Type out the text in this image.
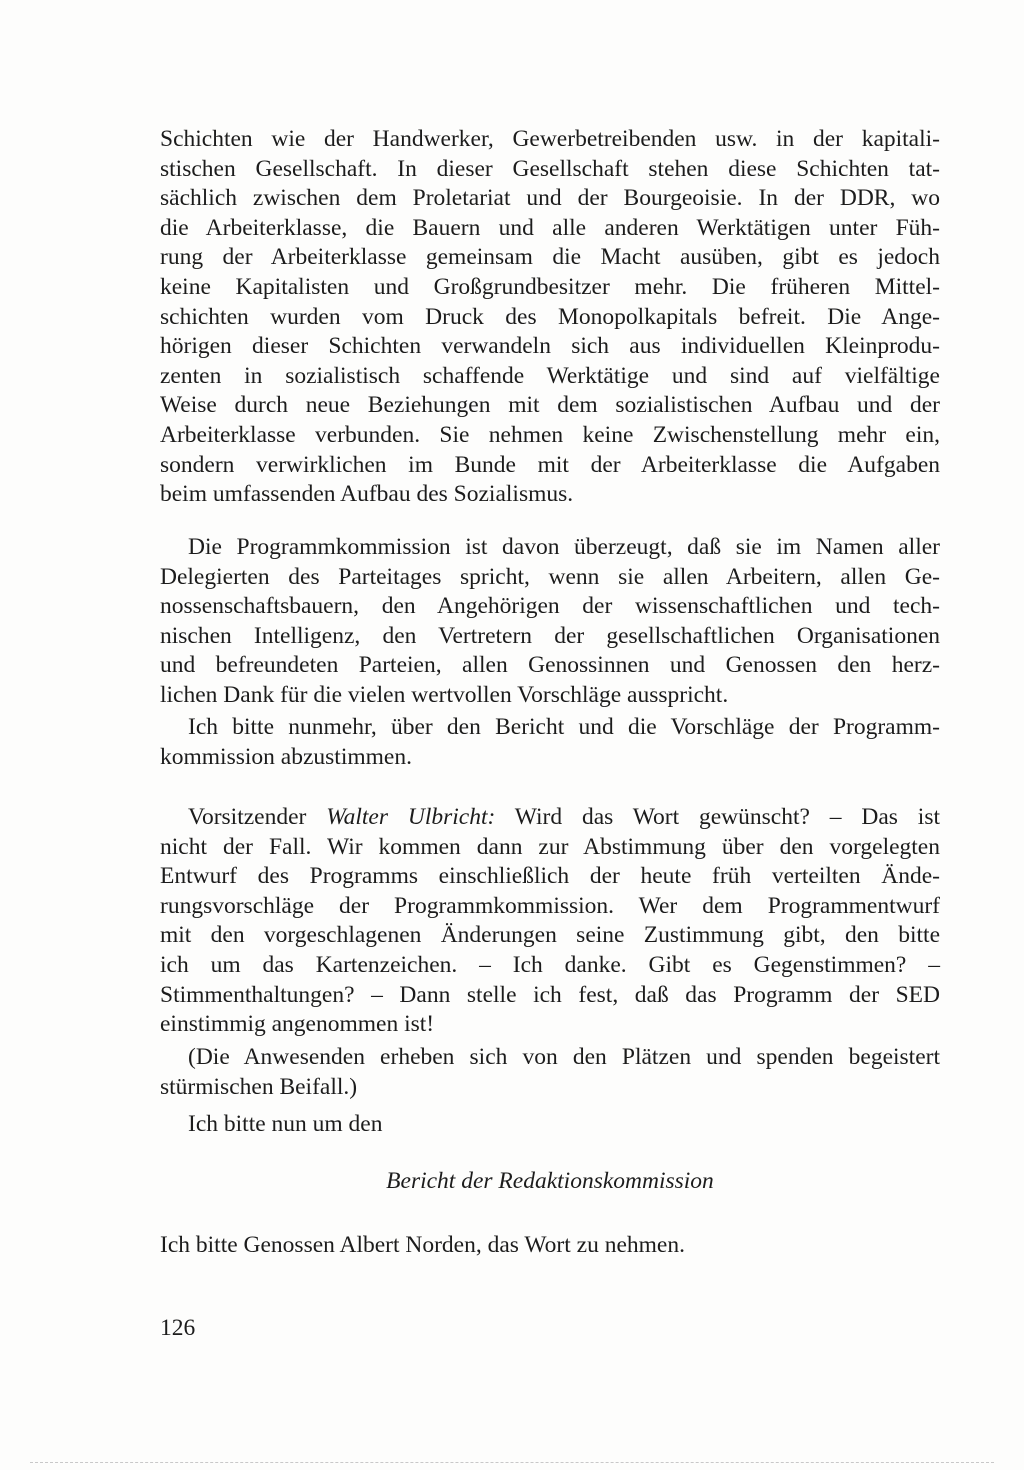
Schichten wie der Handwerker, Gewerbetreibenden usw. in der kapitali-
stischen Gesellschaft. In dieser Gesellschaft stehen diese Schichten tat-
sächlich zwischen dem Proletariat und der Bourgeoisie. In der DDR, wo
die Arbeiterklasse, die Bauern und alle anderen Werktätigen unter Füh-
rung der Arbeiterklasse gemeinsam die Macht ausüben, gibt es jedoch
keine Kapitalisten und Großgrundbesitzer mehr. Die früheren Mittel-
schichten wurden vom Druck des Monopolkapitals befreit. Die Ange-
hörigen dieser Schichten verwandeln sich aus individuellen Kleinprodu-
zenten in sozialistisch schaffende Werktätige und sind auf vielfältige
Weise durch neue Beziehungen mit dem sozialistischen Aufbau und der
Arbeiterklasse verbunden. Sie nehmen keine Zwischenstellung mehr ein,
sondern verwirklichen im Bunde mit der Arbeiterklasse die Aufgaben
beim umfassenden Aufbau des Sozialismus.
Die Programmkommission ist davon überzeugt, daß sie im Namen aller
Delegierten des Parteitages spricht, wenn sie allen Arbeitern, allen Ge-
nossenschaftsbauern, den Angehörigen der wissenschaftlichen und tech-
nischen Intelligenz, den Vertretern der gesellschaftlichen Organisationen
und befreundeten Parteien, allen Genossinnen und Genossen den herz-
lichen Dank für die vielen wertvollen Vorschläge ausspricht.
Ich bitte nunmehr, über den Bericht und die Vorschläge der Programm-
kommission abzustimmen.
Vorsitzender Walter Ulbricht: Wird das Wort gewünscht? – Das ist
nicht der Fall. Wir kommen dann zur Abstimmung über den vorgelegten
Entwurf des Programms einschließlich der heute früh verteilten Ände-
rungsvorschläge der Programmkommission. Wer dem Programmentwurf
mit den vorgeschlagenen Änderungen seine Zustimmung gibt, den bitte
ich um das Kartenzeichen. – Ich danke. Gibt es Gegenstimmen? –
Stimmenthaltungen? – Dann stelle ich fest, daß das Programm der SED
einstimmig angenommen ist!
(Die Anwesenden erheben sich von den Plätzen und spenden begeistert
stürmischen Beifall.)
Ich bitte nun um den
Bericht der Redaktionskommission
Ich bitte Genossen Albert Norden, das Wort zu nehmen.
126
